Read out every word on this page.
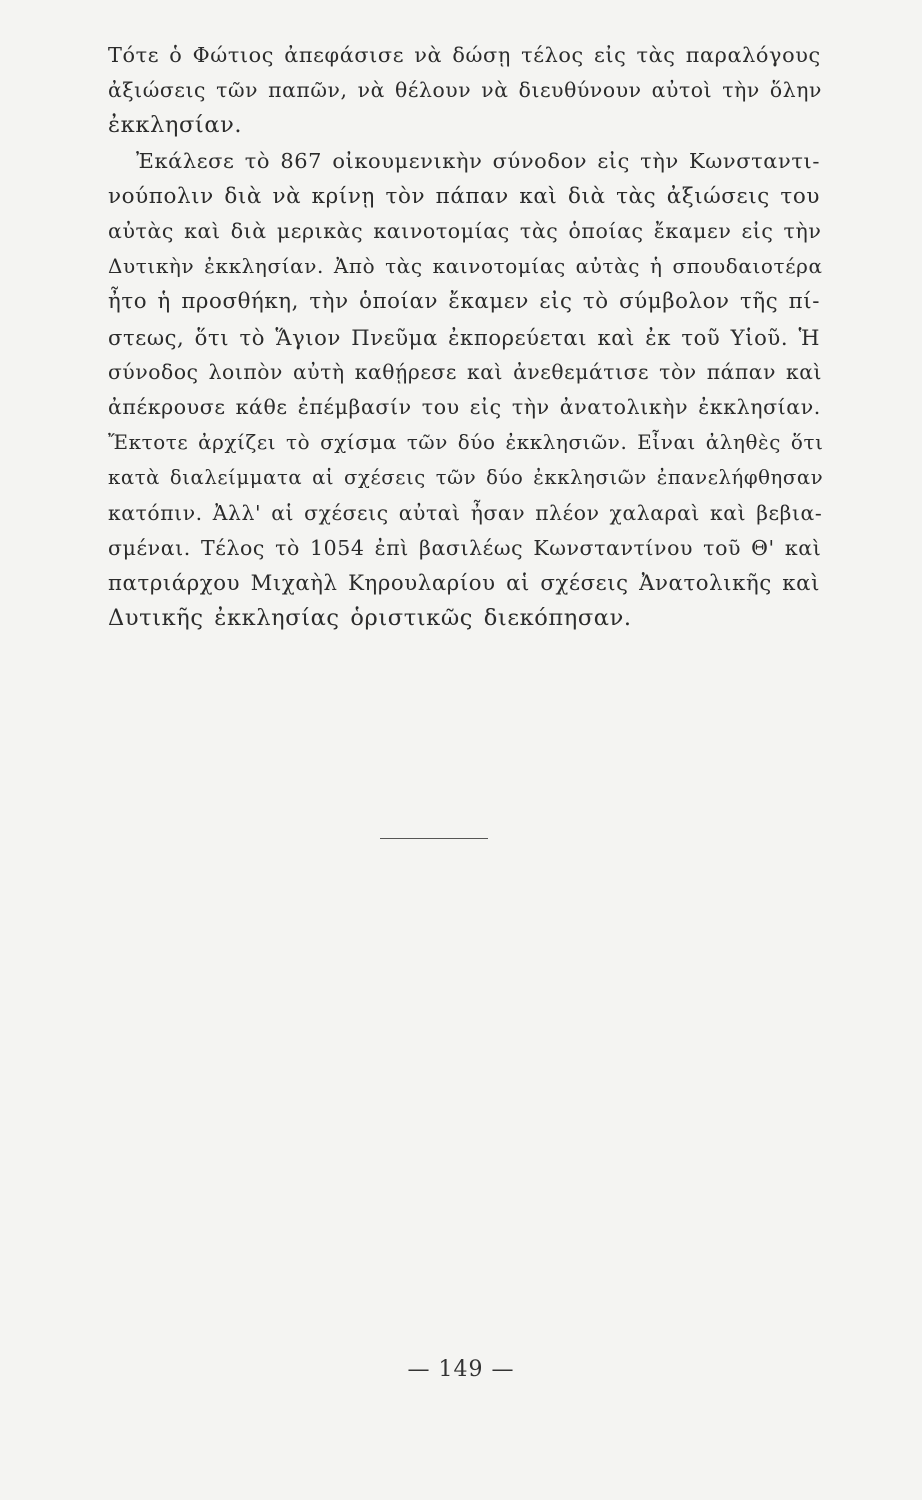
Τότε ὁ Φώτιος ἀπεφάσισε νὰ δώσῃ τέλος εἰς τὰς παραλόγους
ἀξιώσεις τῶν παπῶν, νὰ θέλουν νὰ διευθύνουν αὐτοὶ τὴν ὅλην
ἐκκλησίαν.
Ἐκάλεσε τὸ 867 οἰκουμενικὴν σύνοδον εἰς τὴν Κωνσταντι-
νούπολιν διὰ νὰ κρίνῃ τὸν πάπαν καὶ διὰ τὰς ἀξιώσεις του
αὐτὰς καὶ διὰ μερικὰς καινοτομίας τὰς ὁποίας ἔκαμεν εἰς τὴν
Δυτικὴν ἐκκλησίαν. Ἀπὸ τὰς καινοτομίας αὐτὰς ἡ σπουδαιοτέρα
ἦτο ἡ προσθήκη, τὴν ὁποίαν ἔκαμεν εἰς τὸ σύμβολον τῆς πί-
στεως, ὅτι τὸ Ἅγιον Πνεῦμα ἐκπορεύεται καὶ ἐκ τοῦ Υἱοῦ. Ἡ
σύνοδος λοιπὸν αὐτὴ καθῄρεσε καὶ ἀνεθεμάτισε τὸν πάπαν καὶ
ἀπέκρουσε κάθε ἐπέμβασίν του εἰς τὴν ἀνατολικὴν ἐκκλησίαν.
Ἔκτοτε ἀρχίζει τὸ σχίσμα τῶν δύο ἐκκλησιῶν. Εἶναι ἀληθὲς ὅτι
κατὰ διαλείμματα αἱ σχέσεις τῶν δύο ἐκκλησιῶν ἐπανελήφθησαν
κατόπιν. Ἀλλ' αἱ σχέσεις αὐταὶ ἦσαν πλέον χαλαραὶ καὶ βεβια-
σμέναι. Τέλος τὸ 1054 ἐπὶ βασιλέως Κωνσταντίνου τοῦ Θ' καὶ
πατριάρχου Μιχαὴλ Κηρουλαρίου αἱ σχέσεις Ἀνατολικῆς καὶ
Δυτικῆς ἐκκλησίας ὁριστικῶς διεκόπησαν.
— 149 —
